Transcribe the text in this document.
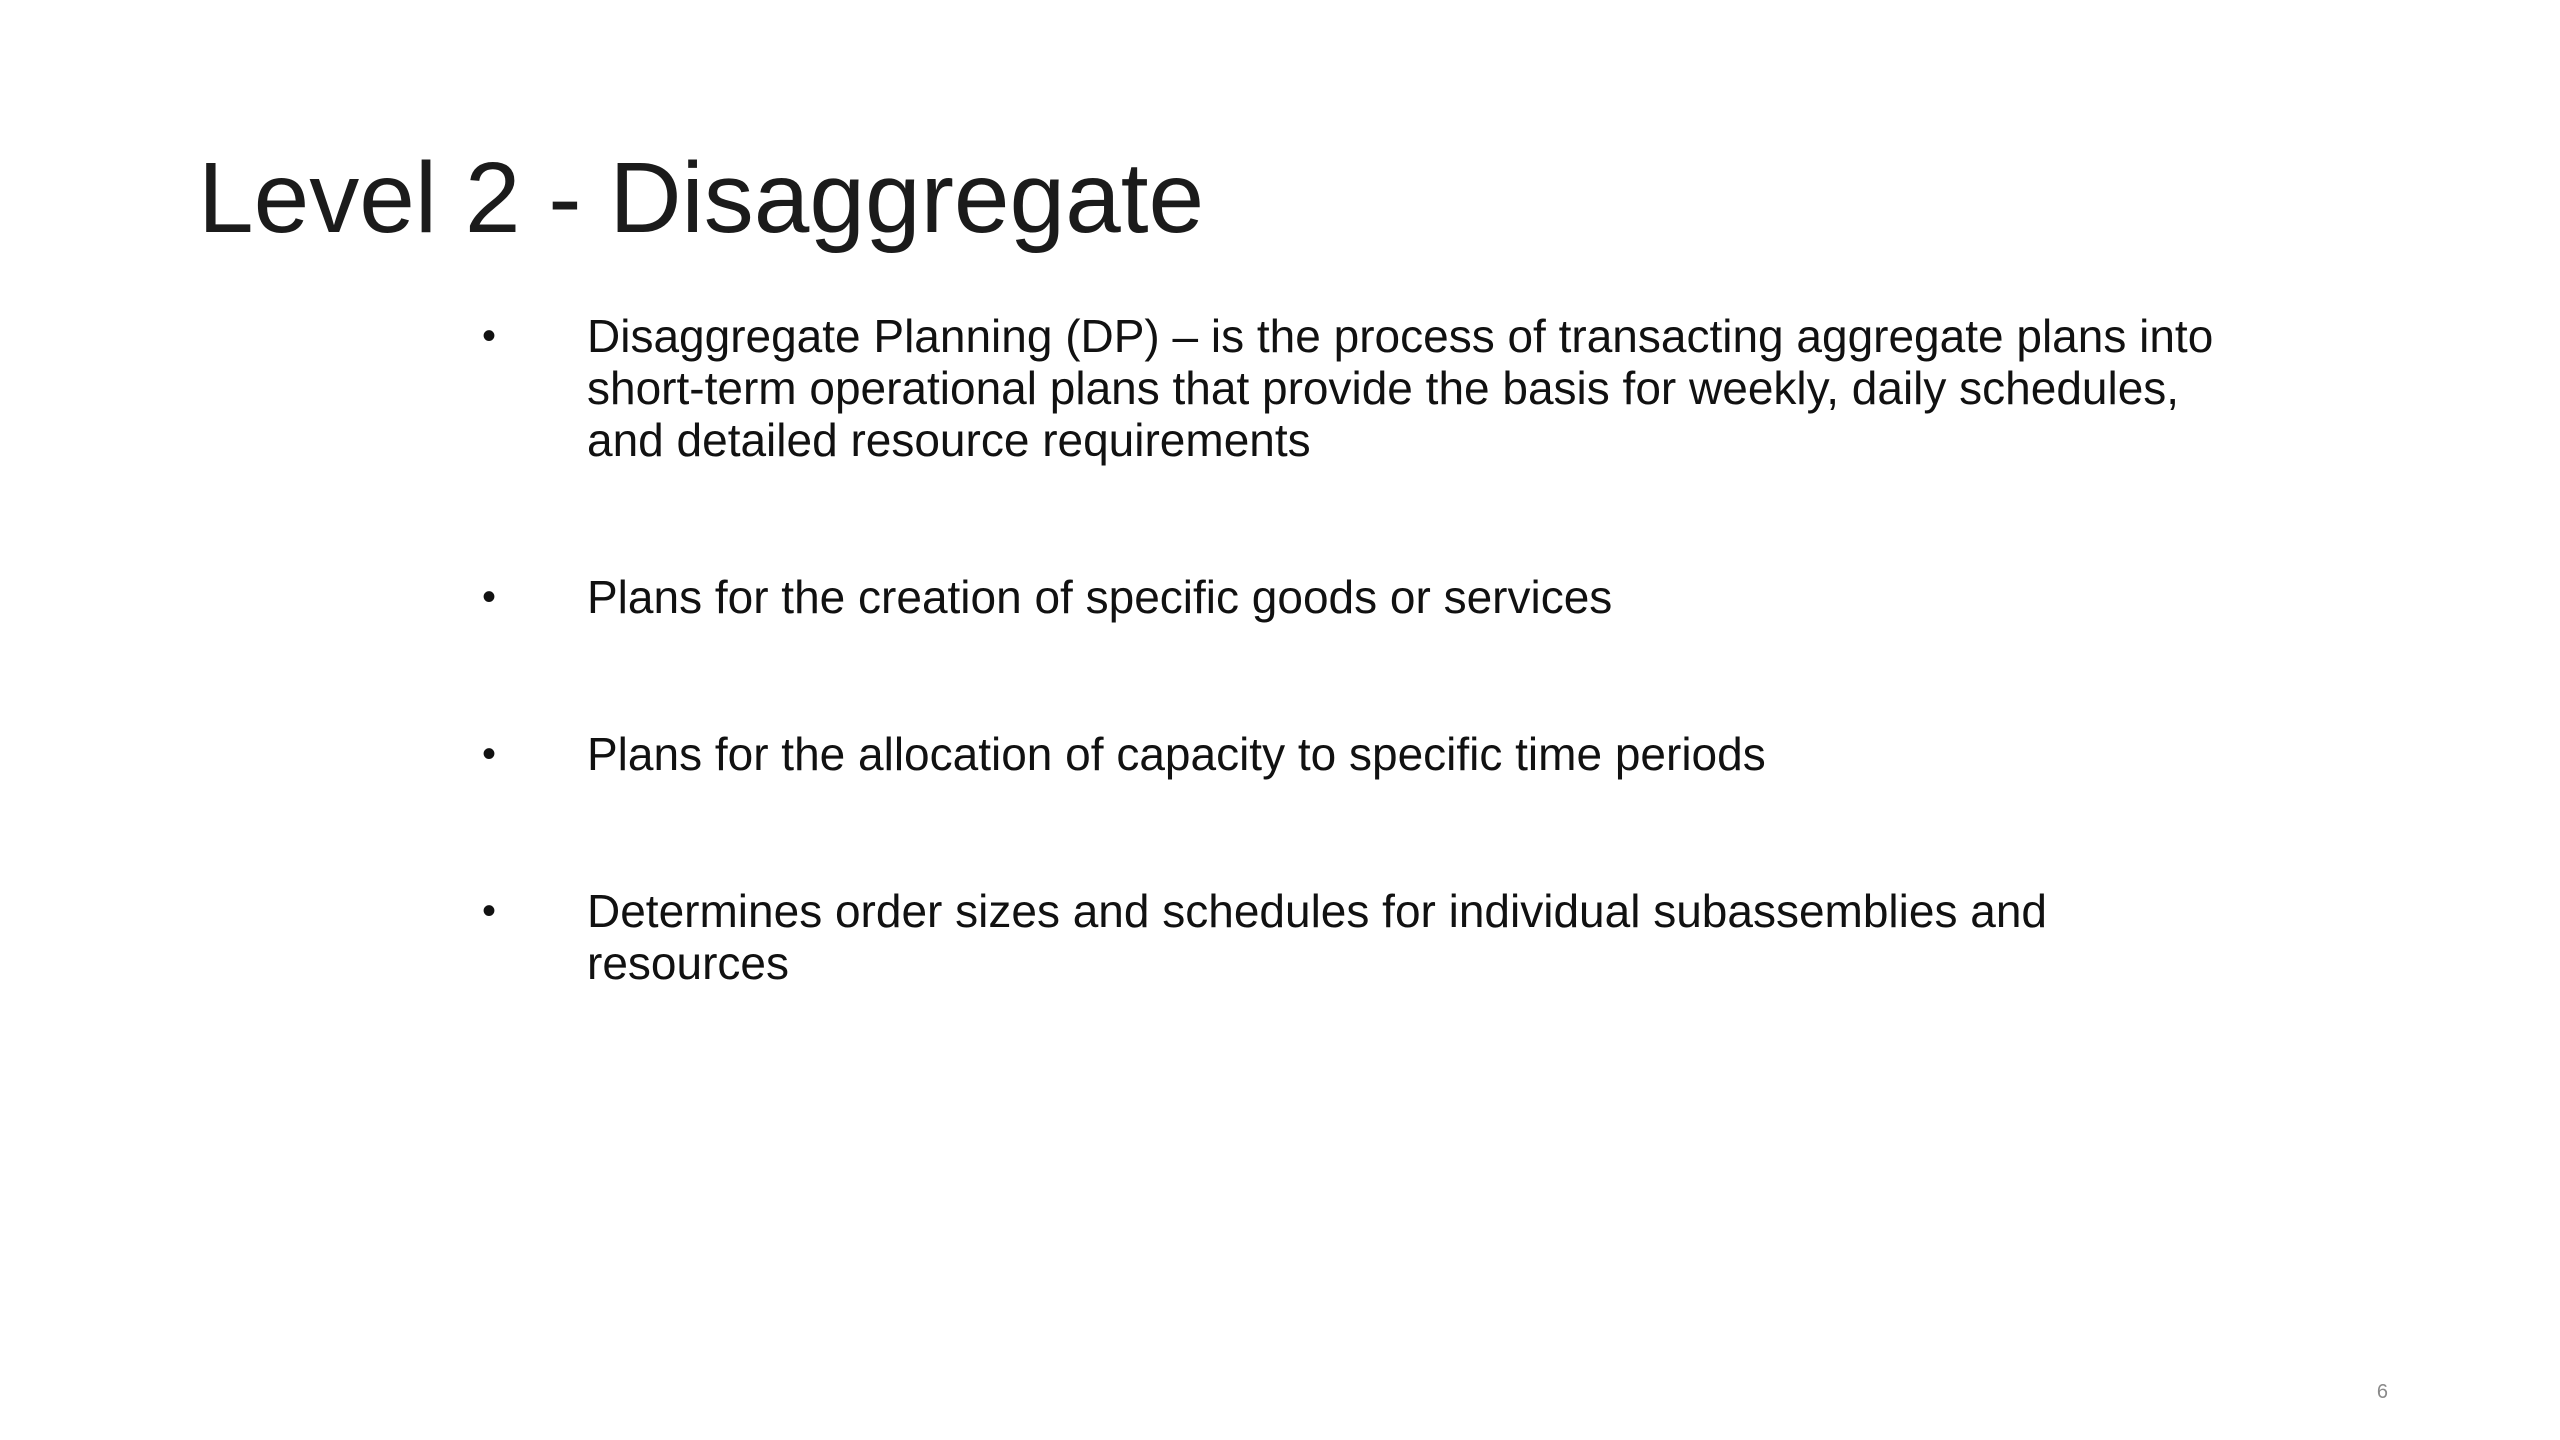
Level 2 - Disaggregate
• Disaggregate Planning (DP) – is the process of transacting aggregate plans into short-term operational plans that provide the basis for weekly, daily schedules, and detailed resource requirements
• Plans for the creation of specific goods or services
• Plans for the allocation of capacity to specific time periods
• Determines order sizes and schedules for individual subassemblies and resources
6
